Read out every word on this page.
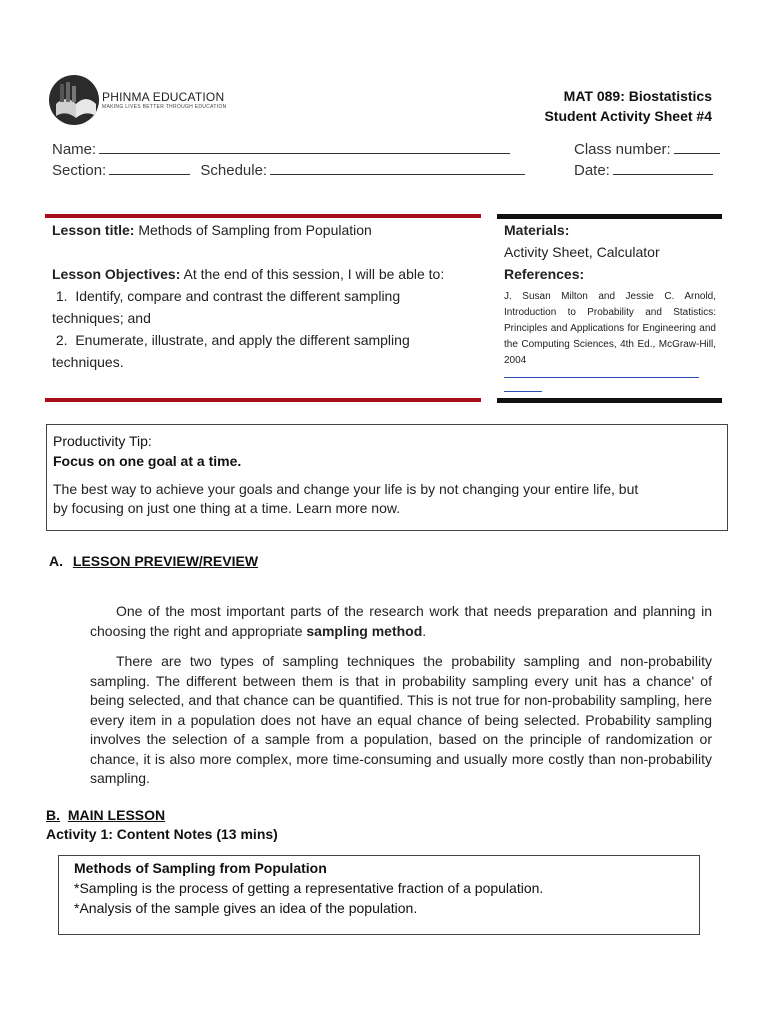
PHINMA EDUCATION
MAKING LIVES BETTER THROUGH EDUCATION
MAT 089: Biostatistics
Student Activity Sheet #4
Name:
Section:	Schedule:
Class number:
Date:
Lesson title: Methods of Sampling from Population
Lesson Objectives: At the end of this session, I will be able to:
1.  Identify, compare and contrast the different sampling
techniques; and
2.  Enumerate, illustrate, and apply the different sampling
techniques.
Materials:
Activity Sheet, Calculator
References:
J. Susan Milton and Jessie C. Arnold, Introduction to Probability and Statistics: Principles and Applications for Engineering and the Computing Sciences, 4th Ed., McGraw-Hill, 2004
Productivity Tip:
Focus on one goal at a time.
The best way to achieve your goals and change your life is by not changing your entire life, but
by focusing on just one thing at a time. Learn more now.
A. LESSON PREVIEW/REVIEW
One of the most important parts of the research work that needs preparation and planning in choosing the right and appropriate sampling method.
There are two types of sampling techniques the probability sampling and non-probability sampling. The different between them is that in probability sampling every unit has a chance' of being selected, and that chance can be quantified. This is not true for non-probability sampling, here every item in a population does not have an equal chance of being selected. Probability sampling involves the selection of a sample from a population, based on the principle of randomization or chance, it is also more complex, more time-consuming and usually more costly than non-probability sampling.
B. MAIN LESSON
Activity 1: Content Notes (13 mins)
Methods of Sampling from Population
*Sampling is the process of getting a representative fraction of a population.
*Analysis of the sample gives an idea of the population.
